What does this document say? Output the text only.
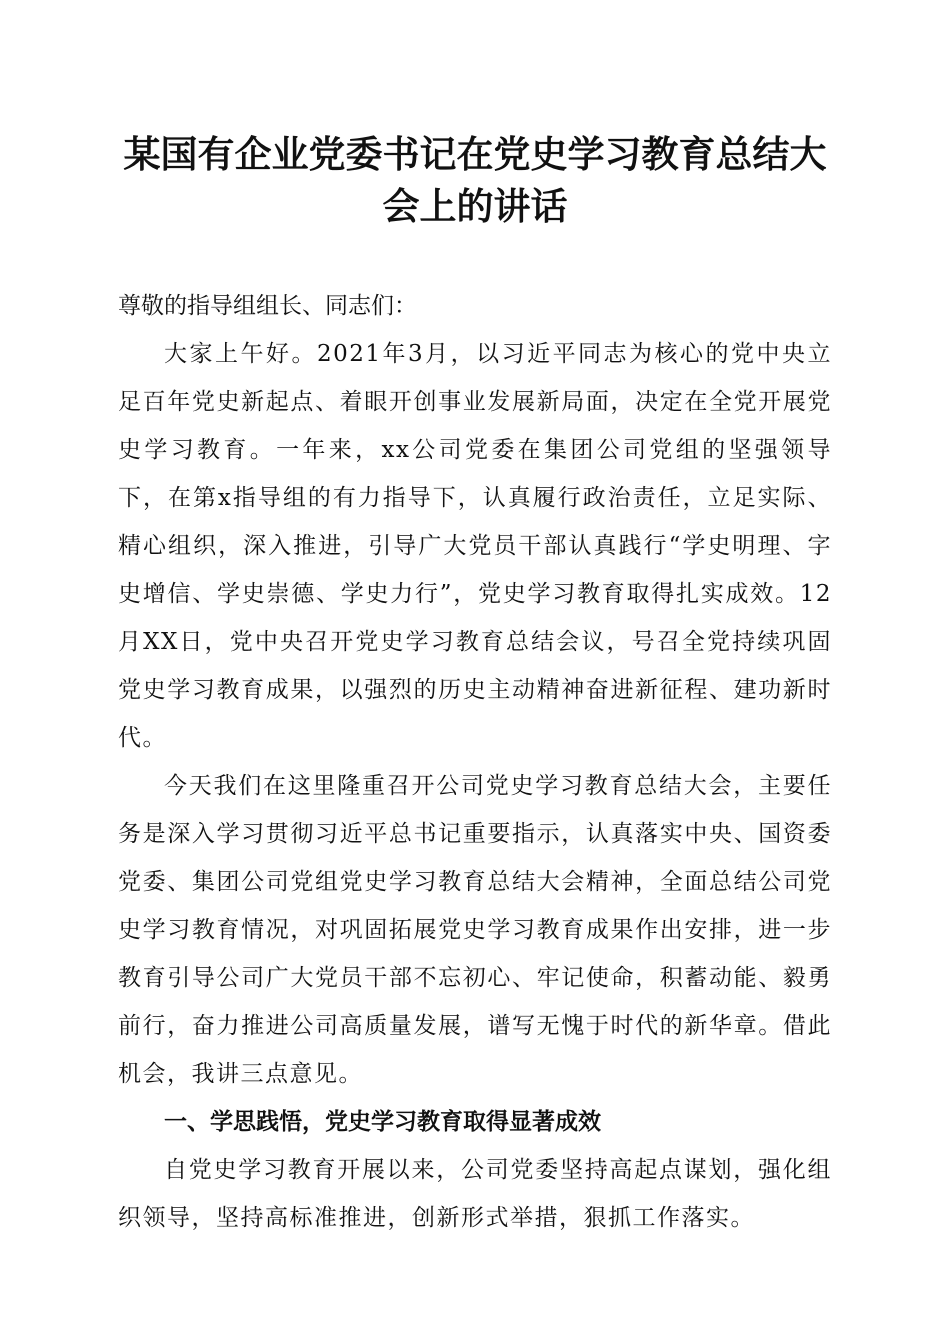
某国有企业党委书记在党史学习教育总结大会上的讲话

尊敬的指导组组长、同志们：

大家上午好。2021年3月，以习近平同志为核心的党中央立足百年党史新起点、着眼开创事业发展新局面，决定在全党开展党史学习教育。一年来，xx公司党委在集团公司党组的坚强领导下，在第x指导组的有力指导下，认真履行政治责任，立足实际、精心组织，深入推进，引导广大党员干部认真践行“学史明理、字史增信、学史崇德、学史力行”，党史学习教育取得扎实成效。12月XX日，党中央召开党史学习教育总结会议，号召全党持续巩固党史学习教育成果，以强烈的历史主动精神奋进新征程、建功新时代。

今天我们在这里隆重召开公司党史学习教育总结大会，主要任务是深入学习贯彻习近平总书记重要指示，认真落实中央、国资委党委、集团公司党组党史学习教育总结大会精神，全面总结公司党史学习教育情况，对巩固拓展党史学习教育成果作出安排，进一步教育引导公司广大党员干部不忘初心、牢记使命，积蓄动能、毅勇前行，奋力推进公司高质量发展，谱写无愧于时代的新华章。借此机会，我讲三点意见。

一、学思践悟，党史学习教育取得显著成效

自党史学习教育开展以来，公司党委坚持高起点谋划，强化组织领导，坚持高标准推进，创新形式举措，狠抓工作落实。
